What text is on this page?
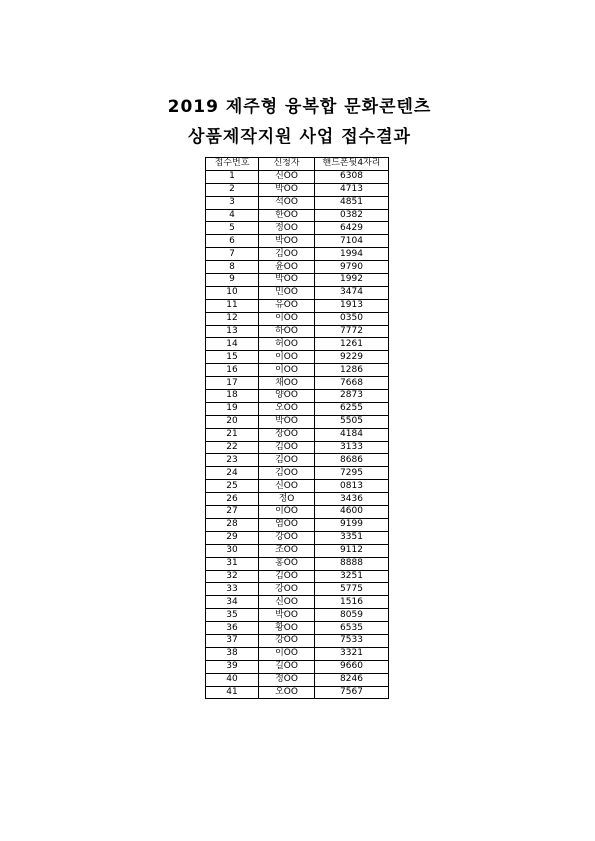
2019 제주형 융복합 문화콘텐츠
상품제작지원 사업 접수결과
접수번호	신청자	핸드폰뒷4자리
1	신OO	6308
2	박OO	4713
3	석OO	4851
4	한OO	0382
5	정OO	6429
6	박OO	7104
7	김OO	1994
8	윤OO	9790
9	박OO	1992
10	민OO	3474
11	유OO	1913
12	이OO	0350
13	하OO	7772
14	허OO	1261
15	이OO	9229
16	이OO	1286
17	채OO	7668
18	양OO	2873
19	오OO	6255
20	박OO	5505
21	장OO	4184
22	김OO	3133
23	김OO	8686
24	김OO	7295
25	신OO	0813
26	정O	3436
27	이OO	4600
28	염OO	9199
29	강OO	3351
30	조OO	9112
31	홍OO	8888
32	김OO	3251
33	강OO	5775
34	신OO	1516
35	박OO	8059
36	황OO	6535
37	강OO	7533
38	이OO	3321
39	길OO	9660
40	정OO	8246
41	오OO	7567
